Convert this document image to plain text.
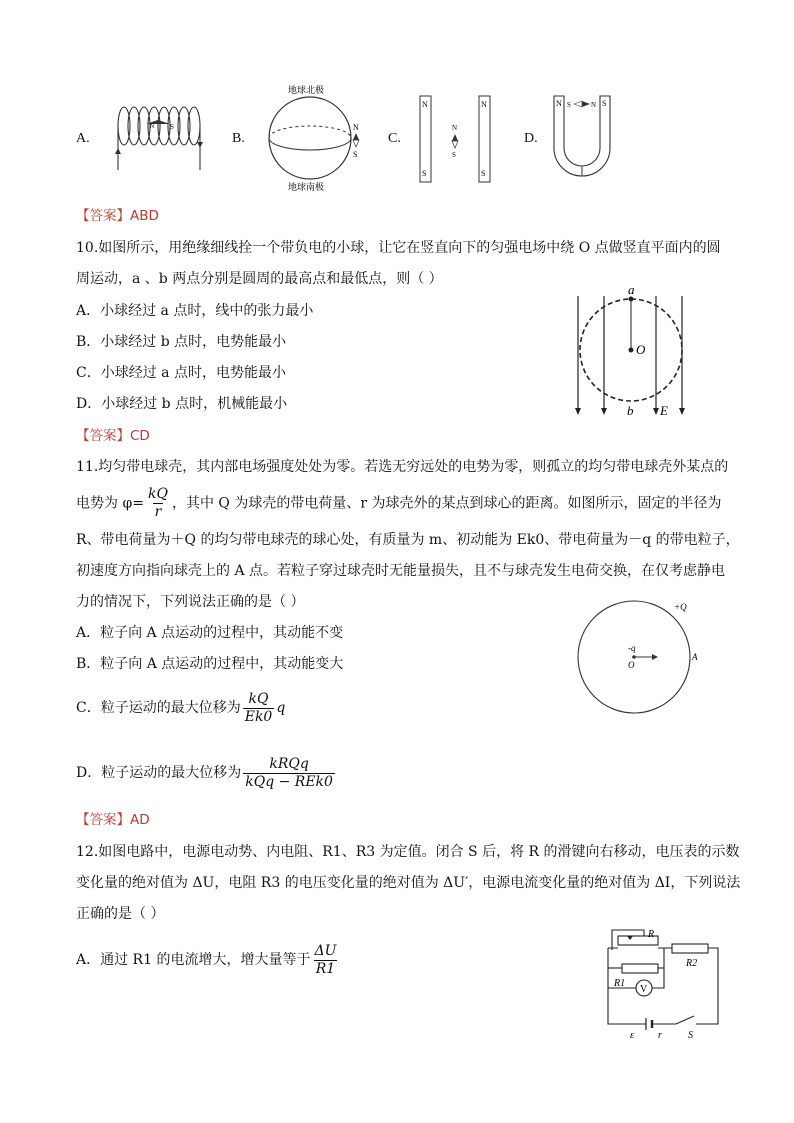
A.
N S
B.
地球北极
地球南极
N
S
C.
N
S
N
S
N
S
D.
N	S
S	N
【答案】ABD
10.如图所示，用绝缘细线拴一个带负电的小球，让它在竖直向下的匀强电场中绕 O 点做竖直平面内的圆
周运动，a 、b 两点分别是圆周的最高点和最低点，则（ ）
A．小球经过 a 点时，线中的张力最小
B．小球经过 b 点时，电势能最小
C．小球经过 a 点时，电势能最小
D．小球经过 b 点时，机械能最小
a
O
b E
【答案】CD
11.均匀带电球壳，其内部电场强度处处为零。若选无穷远处的电势为零，则孤立的均匀带电球壳外某点的
电势为 $\varphi= \frac{kQ}{r}$ ，其中 Q 为球壳的带电荷量、r 为球壳外的某点到球心的距离。如图所示，固定的半径为
R、带电荷量为＋Q 的均匀带电球壳的球心处，有质量为 m、初动能为 Ek0、带电荷量为－q 的带电粒子，
初速度方向指向球壳上的 A 点。若粒子穿过球壳时无能量损失，且不与球壳发生电荷交换，在仅考虑静电
力的情况下，下列说法正确的是（ ）
A．粒子向 A 点运动的过程中，其动能不变
B．粒子向 A 点运动的过程中，其动能变大
C．粒子运动的最大位移为 $\frac{kQ}{Ek0}$ q
D．粒子运动的最大位移为 $\frac{\text{kRQq}}{\text{kQq − REk0}}$
+Q
-q
O
A
【答案】AD
12.如图电路中，电源电动势、内电阻、R1、R3 为定值。闭合 S 后，将 R 的滑键向右移动，电压表的示数
变化量的绝对值为 ΔU，电阻 R3 的电压变化量的绝对值为 ΔU′，电源电流变化量的绝对值为 ΔI，下列说法
正确的是（ ）
A．通过 R1 的电流增大，增大量等于 $\frac{\Delta U}{R1}$
R
R2
R1
V
ε r	S
